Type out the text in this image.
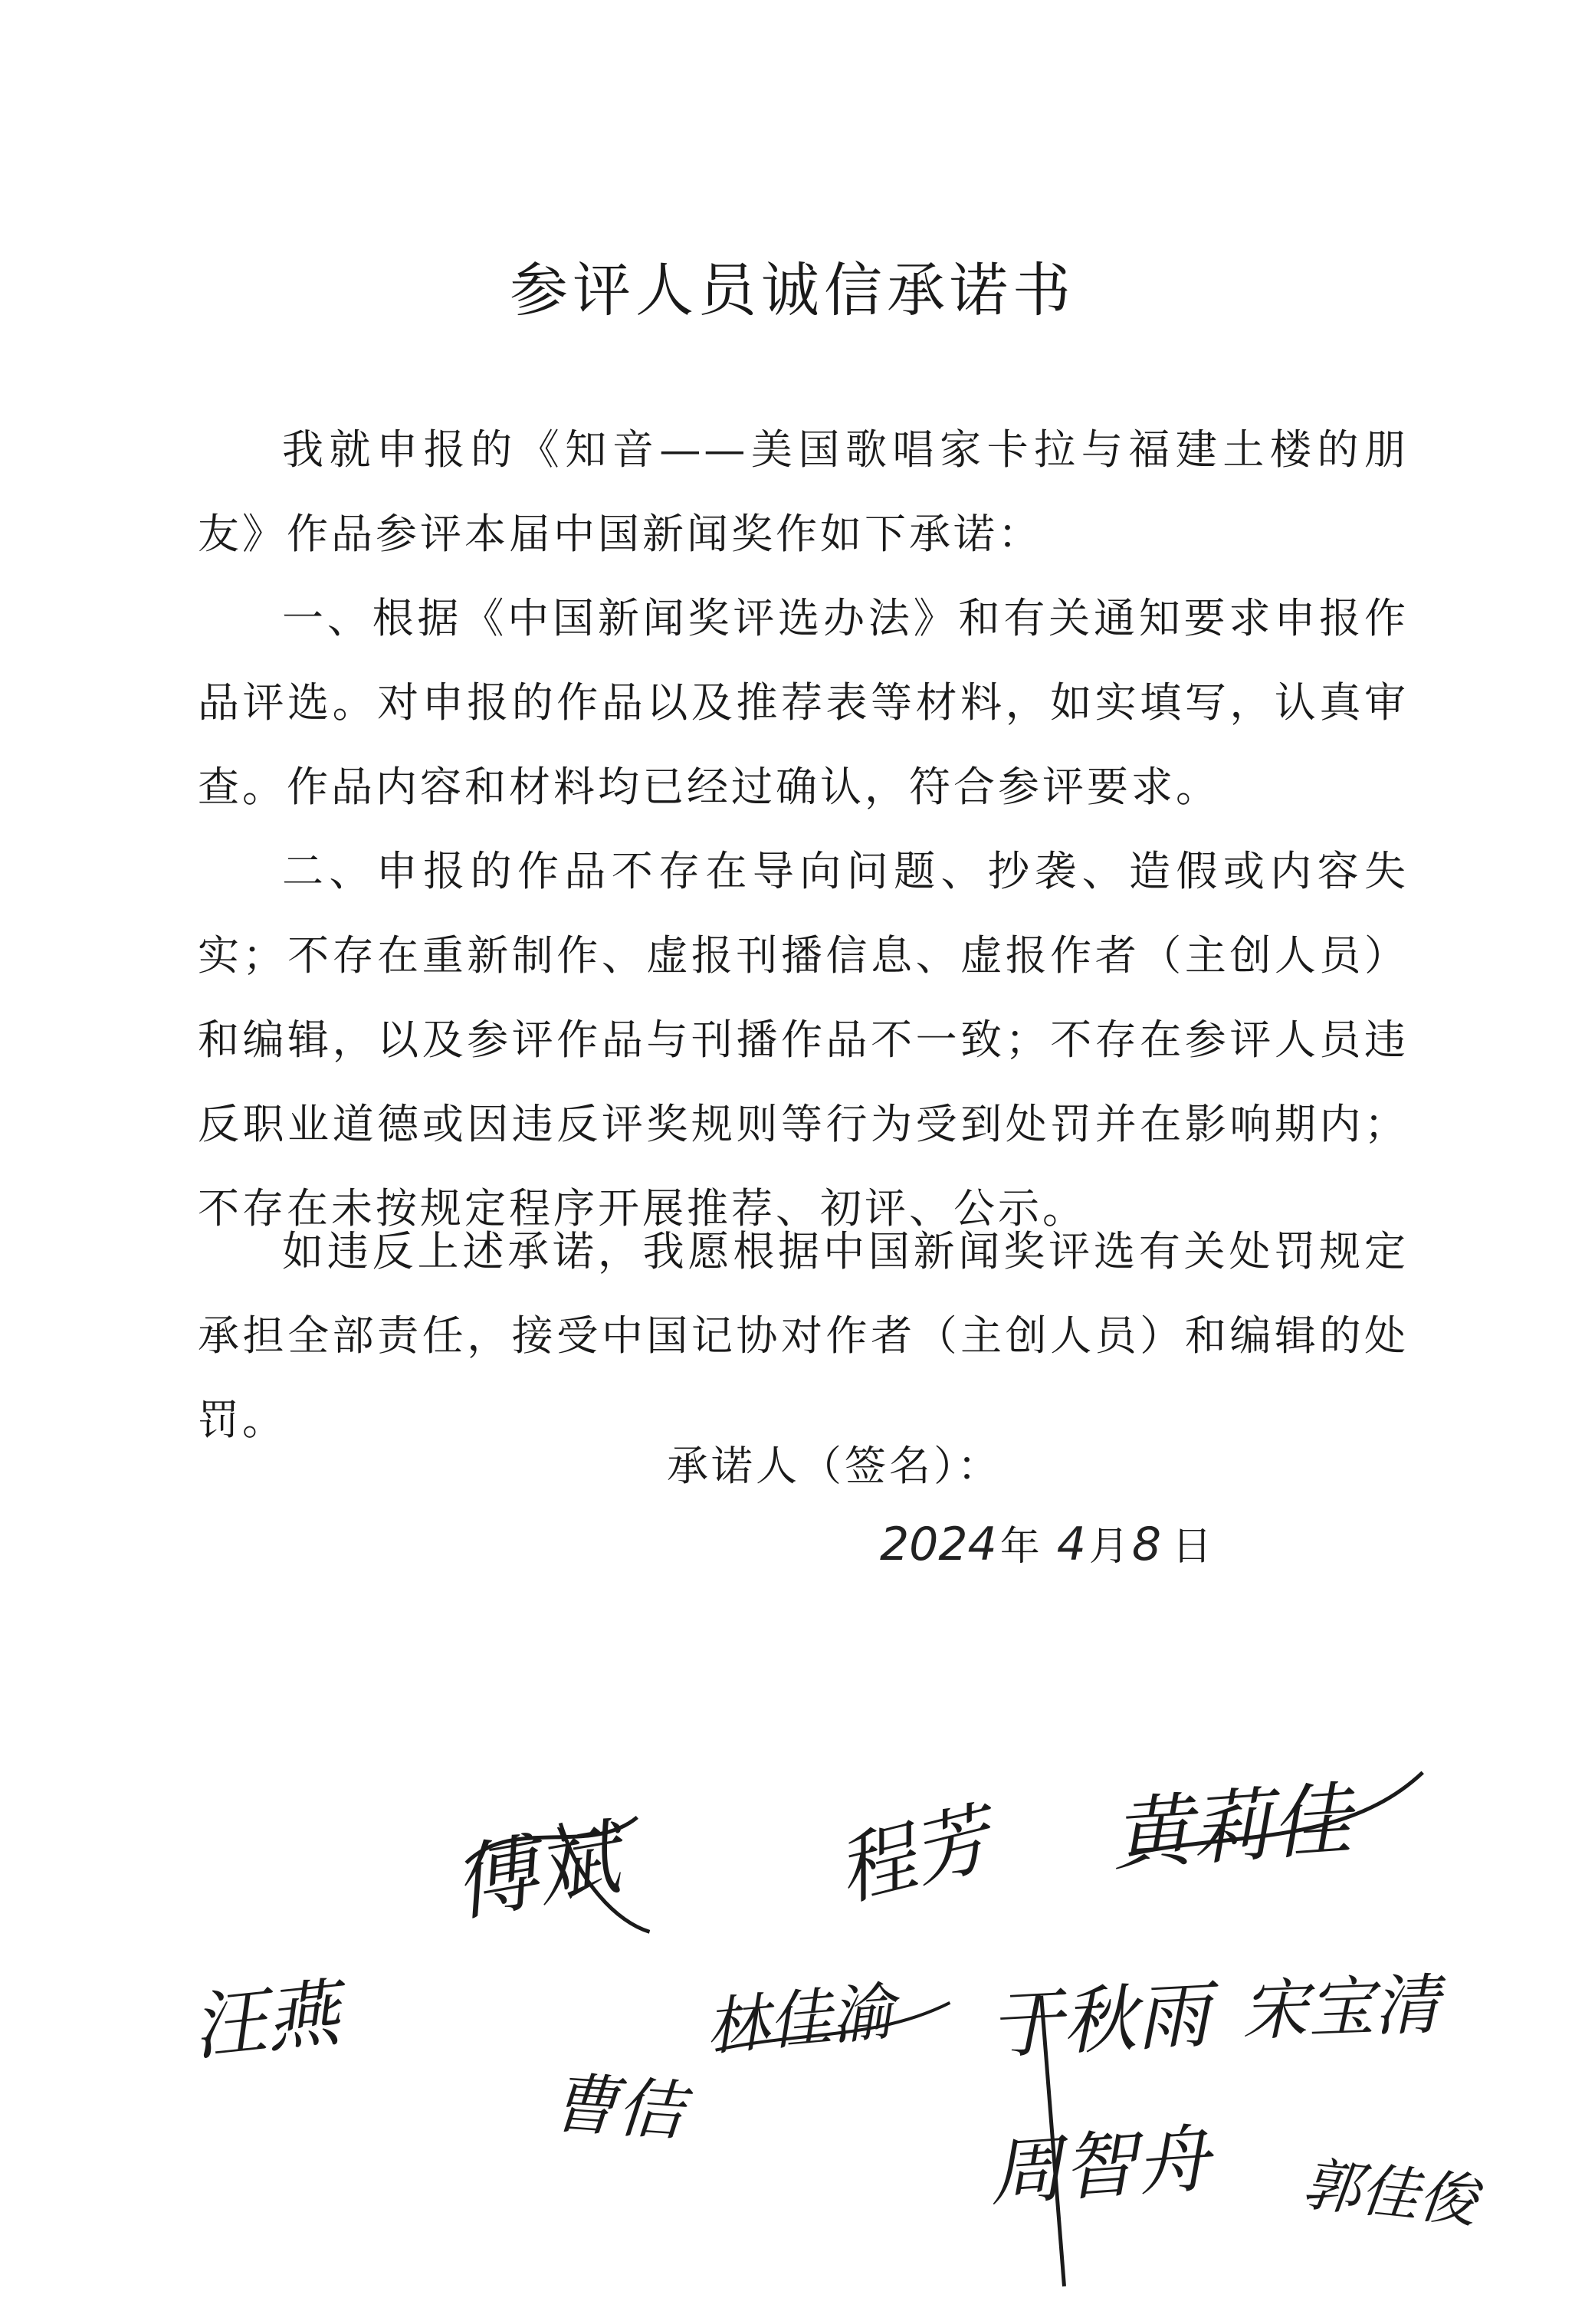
参评人员诚信承诺书
我就申报的《知音——美国歌唱家卡拉与福建土楼的朋友》作品参评本届中国新闻奖作如下承诺：
一、根据《中国新闻奖评选办法》和有关通知要求申报作品评选。对申报的作品以及推荐表等材料，如实填写，认真审查。作品内容和材料均已经过确认，符合参评要求。
二、申报的作品不存在导向问题、抄袭、造假或内容失实；不存在重新制作、虚报刊播信息、虚报作者（主创人员）和编辑，以及参评作品与刊播作品不一致；不存在参评人员违反职业道德或因违反评奖规则等行为受到处罚并在影响期内；不存在未按规定程序开展推荐、初评、公示。
如违反上述承诺，我愿根据中国新闻奖评选有关处罚规定承担全部责任，接受中国记协对作者（主创人员）和编辑的处罚。
承诺人（签名）：
2024 年 4 月 8 日
汪燕
傅斌
曹佶
林佳渝
程芳 黄莉佳
于秋雨 宋宝清
周智舟 郭佳俊
